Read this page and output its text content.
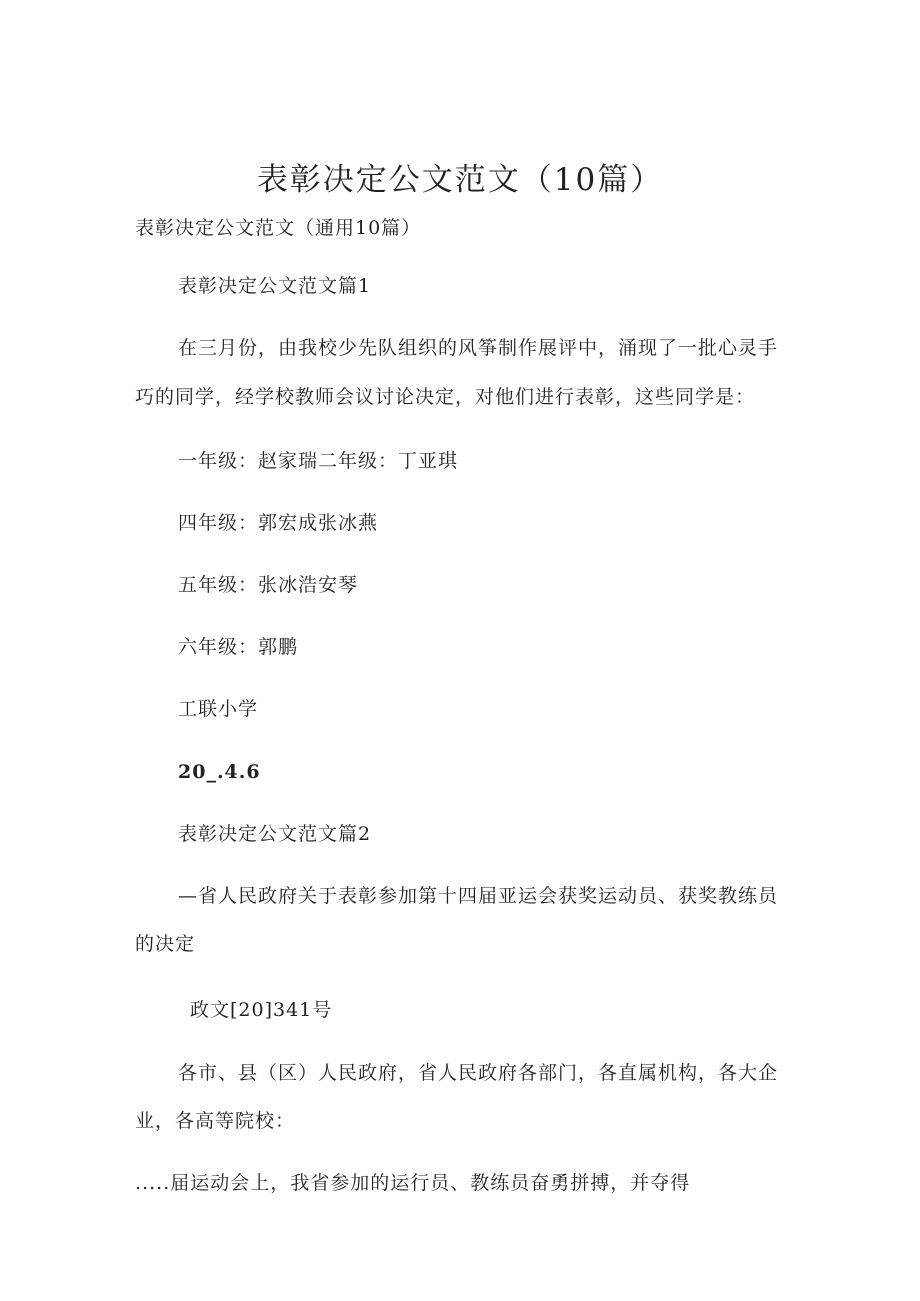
表彰决定公文范文（10篇）
表彰决定公文范文（通用10篇）
表彰决定公文范文篇1
在三月份，由我校少先队组织的风筝制作展评中，涌现了一批心灵手
巧的同学，经学校教师会议讨论决定，对他们进行表彰，这些同学是：
一年级：赵家瑞二年级：丁亚琪
四年级：郭宏成张冰燕
五年级：张冰浩安琴
六年级：郭鹏
工联小学
20_.4.6
表彰决定公文范文篇2
—省人民政府关于表彰参加第十四届亚运会获奖运动员、获奖教练员
的决定
政文[20]341号
各市、县（区）人民政府，省人民政府各部门，各直属机构，各大企
业，各高等院校：
.....届运动会上，我省参加的运行员、教练员奋勇拼搏，并夺得
